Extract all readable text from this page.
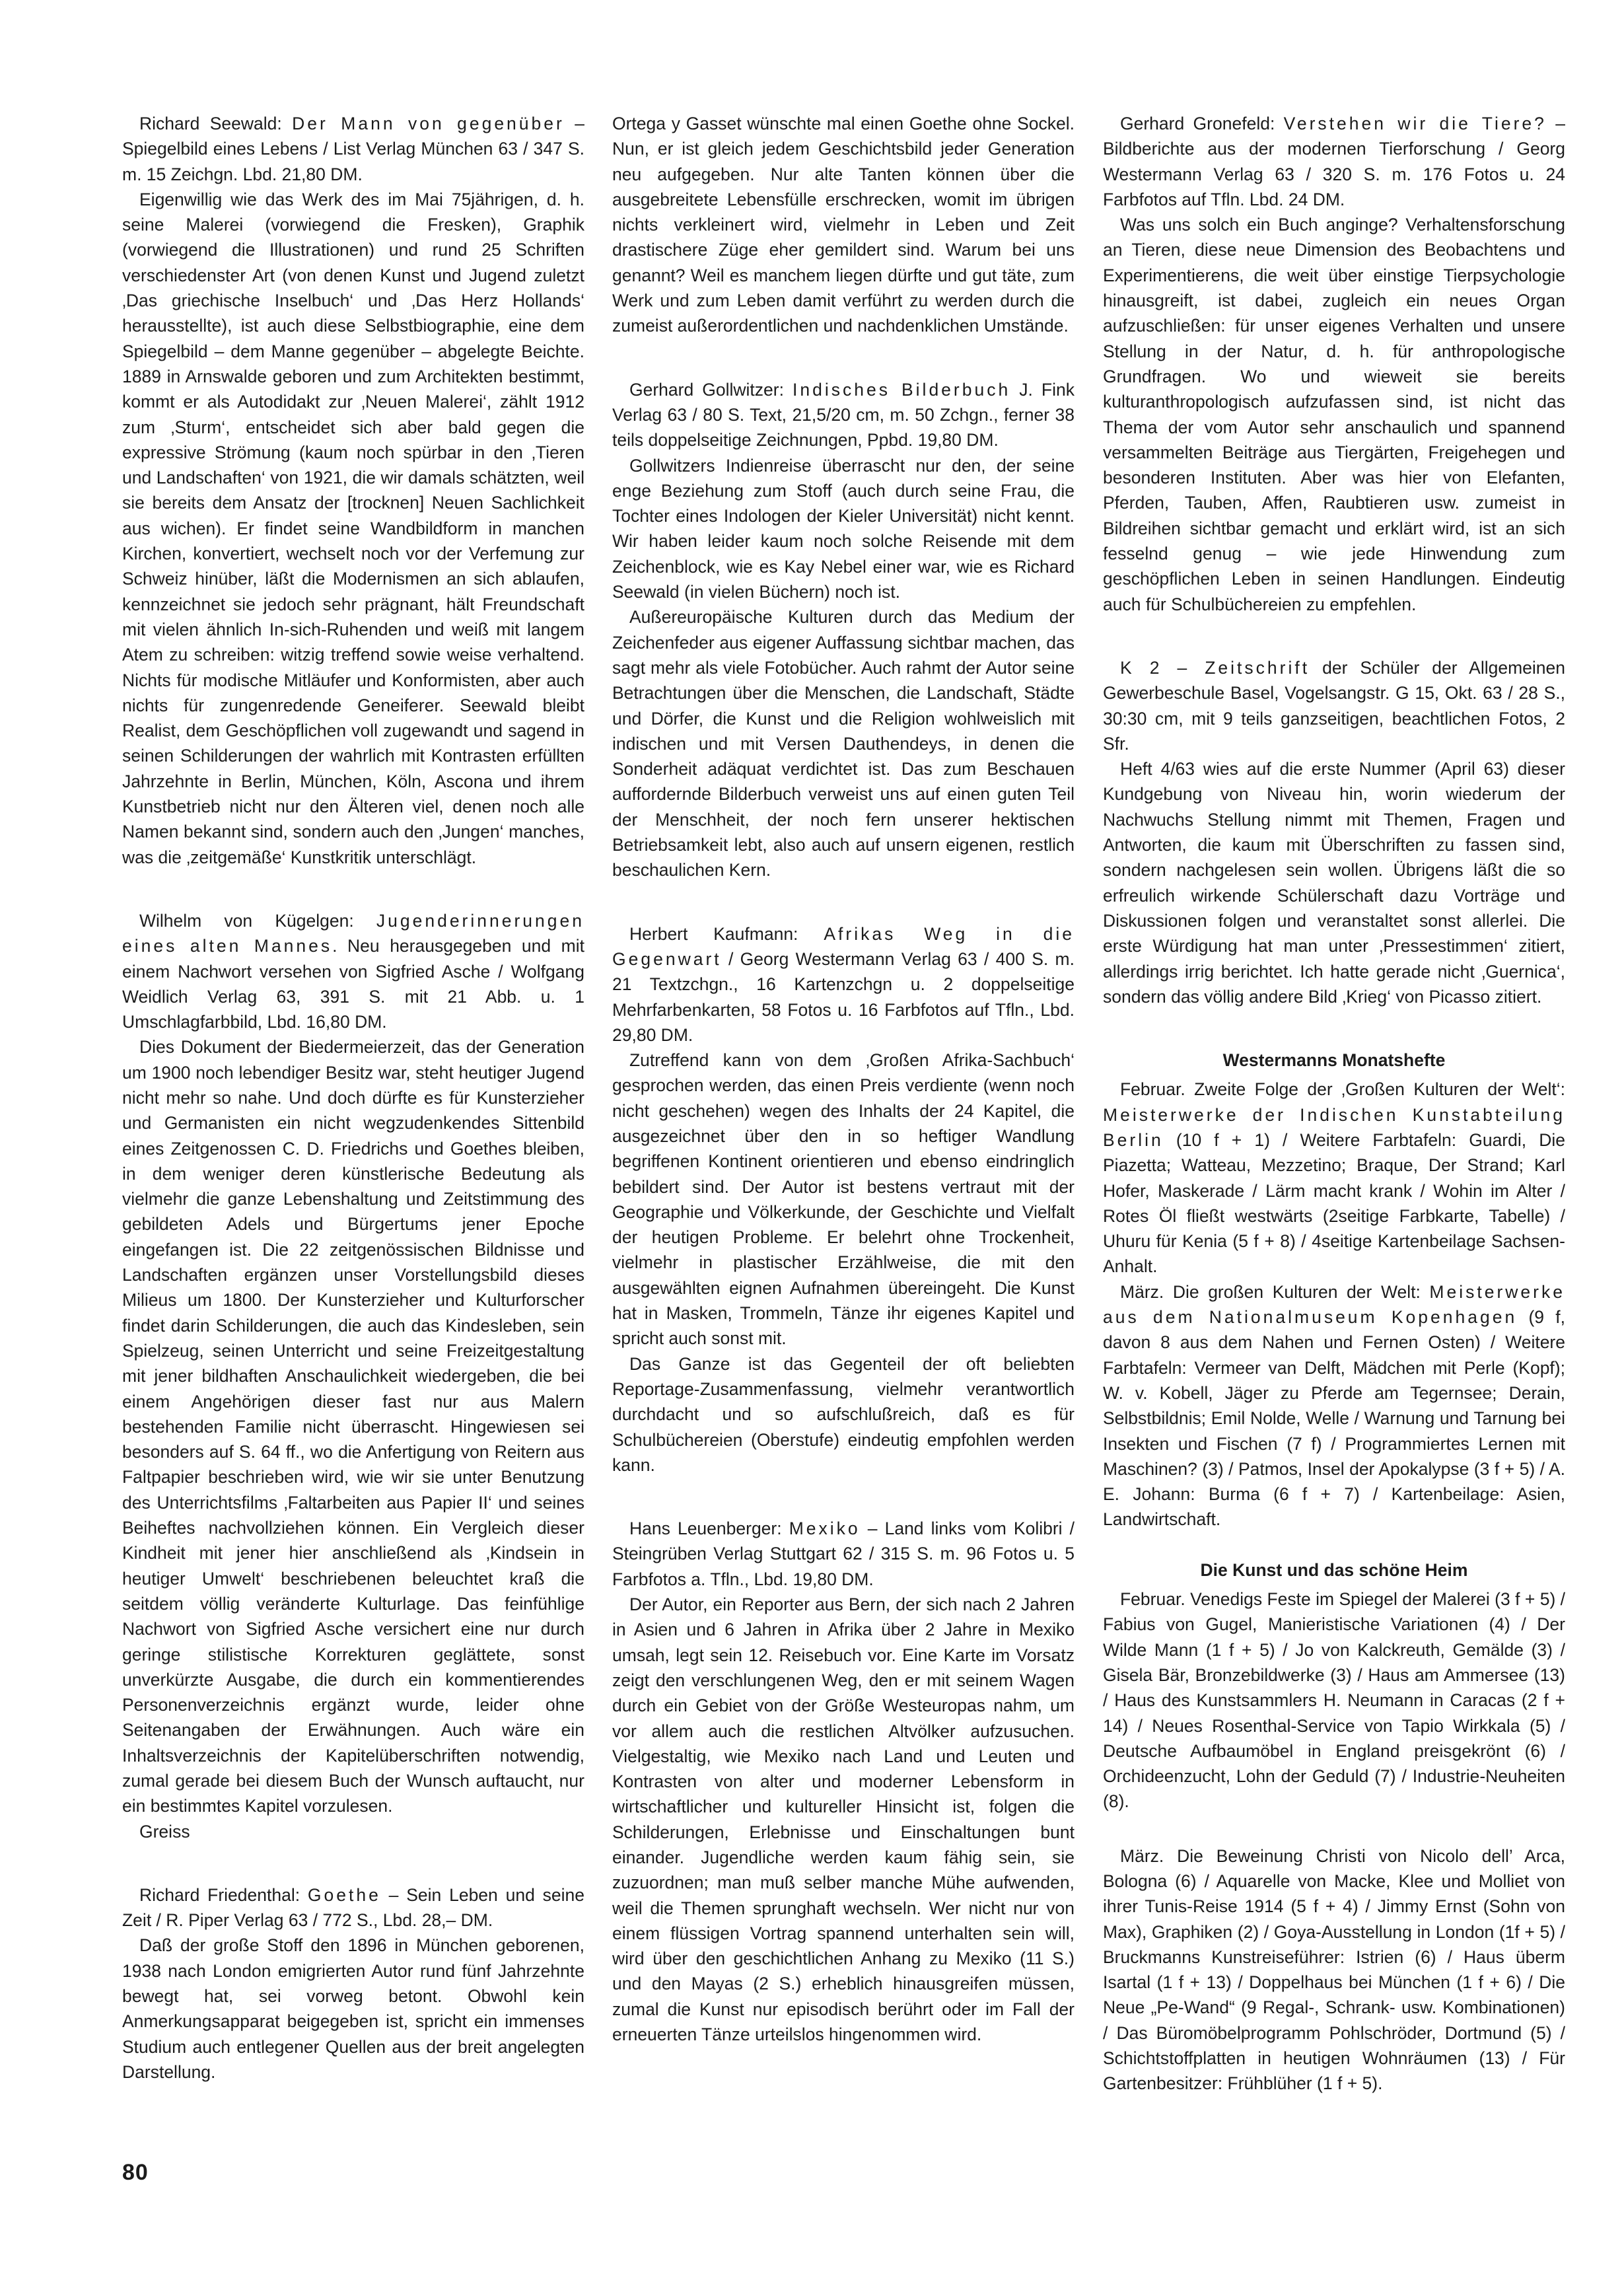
Richard Seewald: Der Mann von gegenüber – Spiegelbild eines Lebens / List Verlag München 63 / 347 S. m. 15 Zeichgn. Lbd. 21,80 DM.

Eigenwillig wie das Werk des im Mai 75jährigen, d. h. seine Malerei (vorwiegend die Fresken), Graphik (vorwiegend die Illustrationen) und rund 25 Schriften verschiedenster Art (von denen Kunst und Jugend zuletzt ‚Das griechische Inselbuch‘ und ‚Das Herz Hollands‘ herausstellte), ist auch diese Selbstbiographie, eine dem Spiegelbild – dem Manne gegenüber – abgelegte Beichte. 1889 in Arnswalde geboren und zum Architekten bestimmt, kommt er als Autodidakt zur ‚Neuen Malerei‘, zählt 1912 zum ‚Sturm‘, entscheidet sich aber bald gegen die expressive Strömung (kaum noch spürbar in den ‚Tieren und Landschaften‘ von 1921, die wir damals schätzten, weil sie bereits dem Ansatz der [trocknen] Neuen Sachlichkeit aus wichen). Er findet seine Wandbildform in manchen Kirchen, konvertiert, wechselt noch vor der Verfemung zur Schweiz hinüber, läßt die Modernismen an sich ablaufen, kennzeichnet sie jedoch sehr prägnant, hält Freundschaft mit vielen ähnlich In-sich-Ruhenden und weiß mit langem Atem zu schreiben: witzig treffend sowie weise verhaltend. Nichts für modische Mitläufer und Konformisten, aber auch nichts für zungenredende Geneiferer. Seewald bleibt Realist, dem Geschöpflichen voll zugewandt und sagend in seinen Schilderungen der wahrlich mit Kontrasten erfüllten Jahrzehnte in Berlin, München, Köln, Ascona und ihrem Kunstbetrieb nicht nur den Älteren viel, denen noch alle Namen bekannt sind, sondern auch den ‚Jungen‘ manches, was die ‚zeitgemäße‘ Kunstkritik unterschlägt.

Wilhelm von Kügelgen: Jugenderinnerungen eines alten Mannes. Neu herausgegeben und mit einem Nachwort versehen von Sigfried Asche / Wolfgang Weidlich Verlag 63, 391 S. mit 21 Abb. u. 1 Umschlagfarbbild, Lbd. 16,80 DM.

Dies Dokument der Biedermeierzeit, das der Generation um 1900 noch lebendiger Besitz war, steht heutiger Jugend nicht mehr so nahe. Und doch dürfte es für Kunsterzieher und Germanisten ein nicht wegzudenkendes Sittenbild eines Zeitgenossen C. D. Friedrichs und Goethes bleiben, in dem weniger deren künstlerische Bedeutung als vielmehr die ganze Lebenshaltung und Zeitstimmung des gebildeten Adels und Bürgertums jener Epoche eingefangen ist. Die 22 zeitgenössischen Bildnisse und Landschaften ergänzen unser Vorstellungsbild dieses Milieus um 1800. Der Kunsterzieher und Kulturforscher findet darin Schilderungen, die auch das Kindesleben, sein Spielzeug, seinen Unterricht und seine Freizeitgestaltung mit jener bildhaften Anschaulichkeit wiedergeben, die bei einem Angehörigen dieser fast nur aus Malern bestehenden Familie nicht überrascht. Hingewiesen sei besonders auf S. 64 ff., wo die Anfertigung von Reitern aus Faltpapier beschrieben wird, wie wir sie unter Benutzung des Unterrichtsfilms ‚Faltarbeiten aus Papier II‘ und seines Beiheftes nachvollziehen können. Ein Vergleich dieser Kindheit mit jener hier anschließend als ‚Kindsein in heutiger Umwelt‘ beschriebenen beleuchtet kraß die seitdem völlig veränderte Kulturlage. Das feinfühlige Nachwort von Sigfried Asche versichert eine nur durch geringe stilistische Korrekturen geglättete, sonst unverkürzte Ausgabe, die durch ein kommentierendes Personenverzeichnis ergänzt wurde, leider ohne Seitenangaben der Erwähnungen. Auch wäre ein Inhaltsverzeichnis der Kapitelüberschriften notwendig, zumal gerade bei diesem Buch der Wunsch auftaucht, nur ein bestimmtes Kapitel vorzulesen.

Greiss

Richard Friedenthal: Goethe – Sein Leben und seine Zeit / R. Piper Verlag 63 / 772 S., Lbd. 28,– DM.

Daß der große Stoff den 1896 in München geborenen, 1938 nach London emigrierten Autor rund fünf Jahrzehnte bewegt hat, sei vorweg betont. Obwohl kein Anmerkungsapparat beigegeben ist, spricht ein immenses Studium auch entlegener Quellen aus der breit angelegten Darstellung.

Ortega y Gasset wünschte mal einen Goethe ohne Sockel. Nun, er ist gleich jedem Geschichtsbild jeder Generation neu aufgegeben. Nur alte Tanten können über die ausgebreitete Lebensfülle erschrecken, womit im übrigen nichts verkleinert wird, vielmehr in Leben und Zeit drastischere Züge eher gemildert sind. Warum bei uns genannt? Weil es manchem liegen dürfte und gut täte, zum Werk und zum Leben damit verführt zu werden durch die zumeist außerordentlichen und nachdenklichen Umstände.

Gerhard Gollwitzer: Indisches Bilderbuch J. Fink Verlag 63 / 80 S. Text, 21,5/20 cm, m. 50 Zchgn., ferner 38 teils doppelseitige Zeichnungen, Ppbd. 19,80 DM.

Gollwitzers Indienreise überrascht nur den, der seine enge Beziehung zum Stoff (auch durch seine Frau, die Tochter eines Indologen der Kieler Universität) nicht kennt. Wir haben leider kaum noch solche Reisende mit dem Zeichenblock, wie es Kay Nebel einer war, wie es Richard Seewald (in vielen Büchern) noch ist.

Außereuropäische Kulturen durch das Medium der Zeichenfeder aus eigener Auffassung sichtbar machen, das sagt mehr als viele Fotobücher. Auch rahmt der Autor seine Betrachtungen über die Menschen, die Landschaft, Städte und Dörfer, die Kunst und die Religion wohlweislich mit indischen und mit Versen Dauthendeys, in denen die Sonderheit adäquat verdichtet ist. Das zum Beschauen auffordernde Bilderbuch verweist uns auf einen guten Teil der Menschheit, der noch fern unserer hektischen Betriebsamkeit lebt, also auch auf unsern eigenen, restlich beschaulichen Kern.

Herbert Kaufmann: Afrikas Weg in die Gegenwart / Georg Westermann Verlag 63 / 400 S. m. 21 Textzchgn., 16 Kartenzchgn u. 2 doppelseitige Mehrfarbenkarten, 58 Fotos u. 16 Farbfotos auf Tfln., Lbd. 29,80 DM.

Zutreffend kann von dem ‚Großen Afrika-Sachbuch‘ gesprochen werden, das einen Preis verdiente (wenn noch nicht geschehen) wegen des Inhalts der 24 Kapitel, die ausgezeichnet über den in so heftiger Wandlung begriffenen Kontinent orientieren und ebenso eindringlich bebildert sind. Der Autor ist bestens vertraut mit der Geographie und Völkerkunde, der Geschichte und Vielfalt der heutigen Probleme. Er belehrt ohne Trockenheit, vielmehr in plastischer Erzählweise, die mit den ausgewählten eignen Aufnahmen übereingeht. Die Kunst hat in Masken, Trommeln, Tänze ihr eigenes Kapitel und spricht auch sonst mit.

Das Ganze ist das Gegenteil der oft beliebten Reportage-Zusammenfassung, vielmehr verantwortlich durchdacht und so aufschlußreich, daß es für Schulbüchereien (Oberstufe) eindeutig empfohlen werden kann.

Hans Leuenberger: Mexiko – Land links vom Kolibri / Steingrüben Verlag Stuttgart 62 / 315 S. m. 96 Fotos u. 5 Farbfotos a. Tfln., Lbd. 19,80 DM.

Der Autor, ein Reporter aus Bern, der sich nach 2 Jahren in Asien und 6 Jahren in Afrika über 2 Jahre in Mexiko umsah, legt sein 12. Reisebuch vor. Eine Karte im Vorsatz zeigt den verschlungenen Weg, den er mit seinem Wagen durch ein Gebiet von der Größe Westeuropas nahm, um vor allem auch die restlichen Altvölker aufzusuchen. Vielgestaltig, wie Mexiko nach Land und Leuten und Kontrasten von alter und moderner Lebensform in wirtschaftlicher und kultureller Hinsicht ist, folgen die Schilderungen, Erlebnisse und Einschaltungen bunt einander. Jugendliche werden kaum fähig sein, sie zuzuordnen; man muß selber manche Mühe aufwenden, weil die Themen sprunghaft wechseln. Wer nicht nur von einem flüssigen Vortrag spannend unterhalten sein will, wird über den geschichtlichen Anhang zu Mexiko (11 S.) und den Mayas (2 S.) erheblich hinausgreifen müssen, zumal die Kunst nur episodisch berührt oder im Fall der erneuerten Tänze urteilslos hingenommen wird.

Gerhard Gronefeld: Verstehen wir die Tiere? – Bildberichte aus der modernen Tierforschung / Georg Westermann Verlag 63 / 320 S. m. 176 Fotos u. 24 Farbfotos auf Tfln. Lbd. 24 DM.

Was uns solch ein Buch anginge? Verhaltensforschung an Tieren, diese neue Dimension des Beobachtens und Experimentierens, die weit über einstige Tierpsychologie hinausgreift, ist dabei, zugleich ein neues Organ aufzuschließen: für unser eigenes Verhalten und unsere Stellung in der Natur, d. h. für anthropologische Grundfragen. Wo und wieweit sie bereits kulturanthropologisch aufzufassen sind, ist nicht das Thema der vom Autor sehr anschaulich und spannend versammelten Beiträge aus Tiergärten, Freigehegen und besonderen Instituten. Aber was hier von Elefanten, Pferden, Tauben, Affen, Raubtieren usw. zumeist in Bildreihen sichtbar gemacht und erklärt wird, ist an sich fesselnd genug – wie jede Hinwendung zum geschöpflichen Leben in seinen Handlungen. Eindeutig auch für Schulbüchereien zu empfehlen.

K 2 – Zeitschrift der Schüler der Allgemeinen Gewerbeschule Basel, Vogelsangstr. G 15, Okt. 63 / 28 S., 30:30 cm, mit 9 teils ganzseitigen, beachtlichen Fotos, 2 Sfr.

Heft 4/63 wies auf die erste Nummer (April 63) dieser Kundgebung von Niveau hin, worin wiederum der Nachwuchs Stellung nimmt mit Themen, Fragen und Antworten, die kaum mit Überschriften zu fassen sind, sondern nachgelesen sein wollen. Übrigens läßt die so erfreulich wirkende Schülerschaft dazu Vorträge und Diskussionen folgen und veranstaltet sonst allerlei. Die erste Würdigung hat man unter ‚Pressestimmen‘ zitiert, allerdings irrig berichtet. Ich hatte gerade nicht ‚Guernica‘, sondern das völlig andere Bild ‚Krieg‘ von Picasso zitiert.

Westermanns Monatshefte

Februar. Zweite Folge der ‚Großen Kulturen der Welt‘: Meisterwerke der Indischen Kunstabteilung Berlin (10 f + 1) / Weitere Farbtafeln: Guardi, Die Piazetta; Watteau, Mezzetino; Braque, Der Strand; Karl Hofer, Maskerade / Lärm macht krank / Wohin im Alter / Rotes Öl fließt westwärts (2seitige Farbkarte, Tabelle) / Uhuru für Kenia (5 f + 8) / 4seitige Kartenbeilage Sachsen-Anhalt.

März. Die großen Kulturen der Welt: Meisterwerke aus dem Nationalmuseum Kopenhagen (9 f, davon 8 aus dem Nahen und Fernen Osten) / Weitere Farbtafeln: Vermeer van Delft, Mädchen mit Perle (Kopf); W. v. Kobell, Jäger zu Pferde am Tegernsee; Derain, Selbstbildnis; Emil Nolde, Welle / Warnung und Tarnung bei Insekten und Fischen (7 f) / Programmiertes Lernen mit Maschinen? (3) / Patmos, Insel der Apokalypse (3 f + 5) / A. E. Johann: Burma (6 f + 7) / Kartenbeilage: Asien, Landwirtschaft.

Die Kunst und das schöne Heim

Februar. Venedigs Feste im Spiegel der Malerei (3 f + 5) / Fabius von Gugel, Manieristische Variationen (4) / Der Wilde Mann (1 f + 5) / Jo von Kalckreuth, Gemälde (3) / Gisela Bär, Bronzebildwerke (3) / Haus am Ammersee (13) / Haus des Kunstsammlers H. Neumann in Caracas (2 f + 14) / Neues Rosenthal-Service von Tapio Wirkkala (5) / Deutsche Aufbaumöbel in England preisgekrönt (6) / Orchideenzucht, Lohn der Geduld (7) / Industrie-Neuheiten (8).

März. Die Beweinung Christi von Nicolo dell’ Arca, Bologna (6) / Aquarelle von Macke, Klee und Molliet von ihrer Tunis-Reise 1914 (5 f + 4) / Jimmy Ernst (Sohn von Max), Graphiken (2) / Goya-Ausstellung in London (1f + 5) / Bruckmanns Kunstreiseführer: Istrien (6) / Haus überm Isartal (1 f + 13) / Doppelhaus bei München (1 f + 6) / Die Neue „Pe-Wand“ (9 Regal-, Schrank- usw. Kombinationen) / Das Büromöbelprogramm Pohlschröder, Dortmund (5) / Schichtstoffplatten in heutigen Wohnräumen (13) / Für Gartenbesitzer: Frühblüher (1 f + 5).

80
